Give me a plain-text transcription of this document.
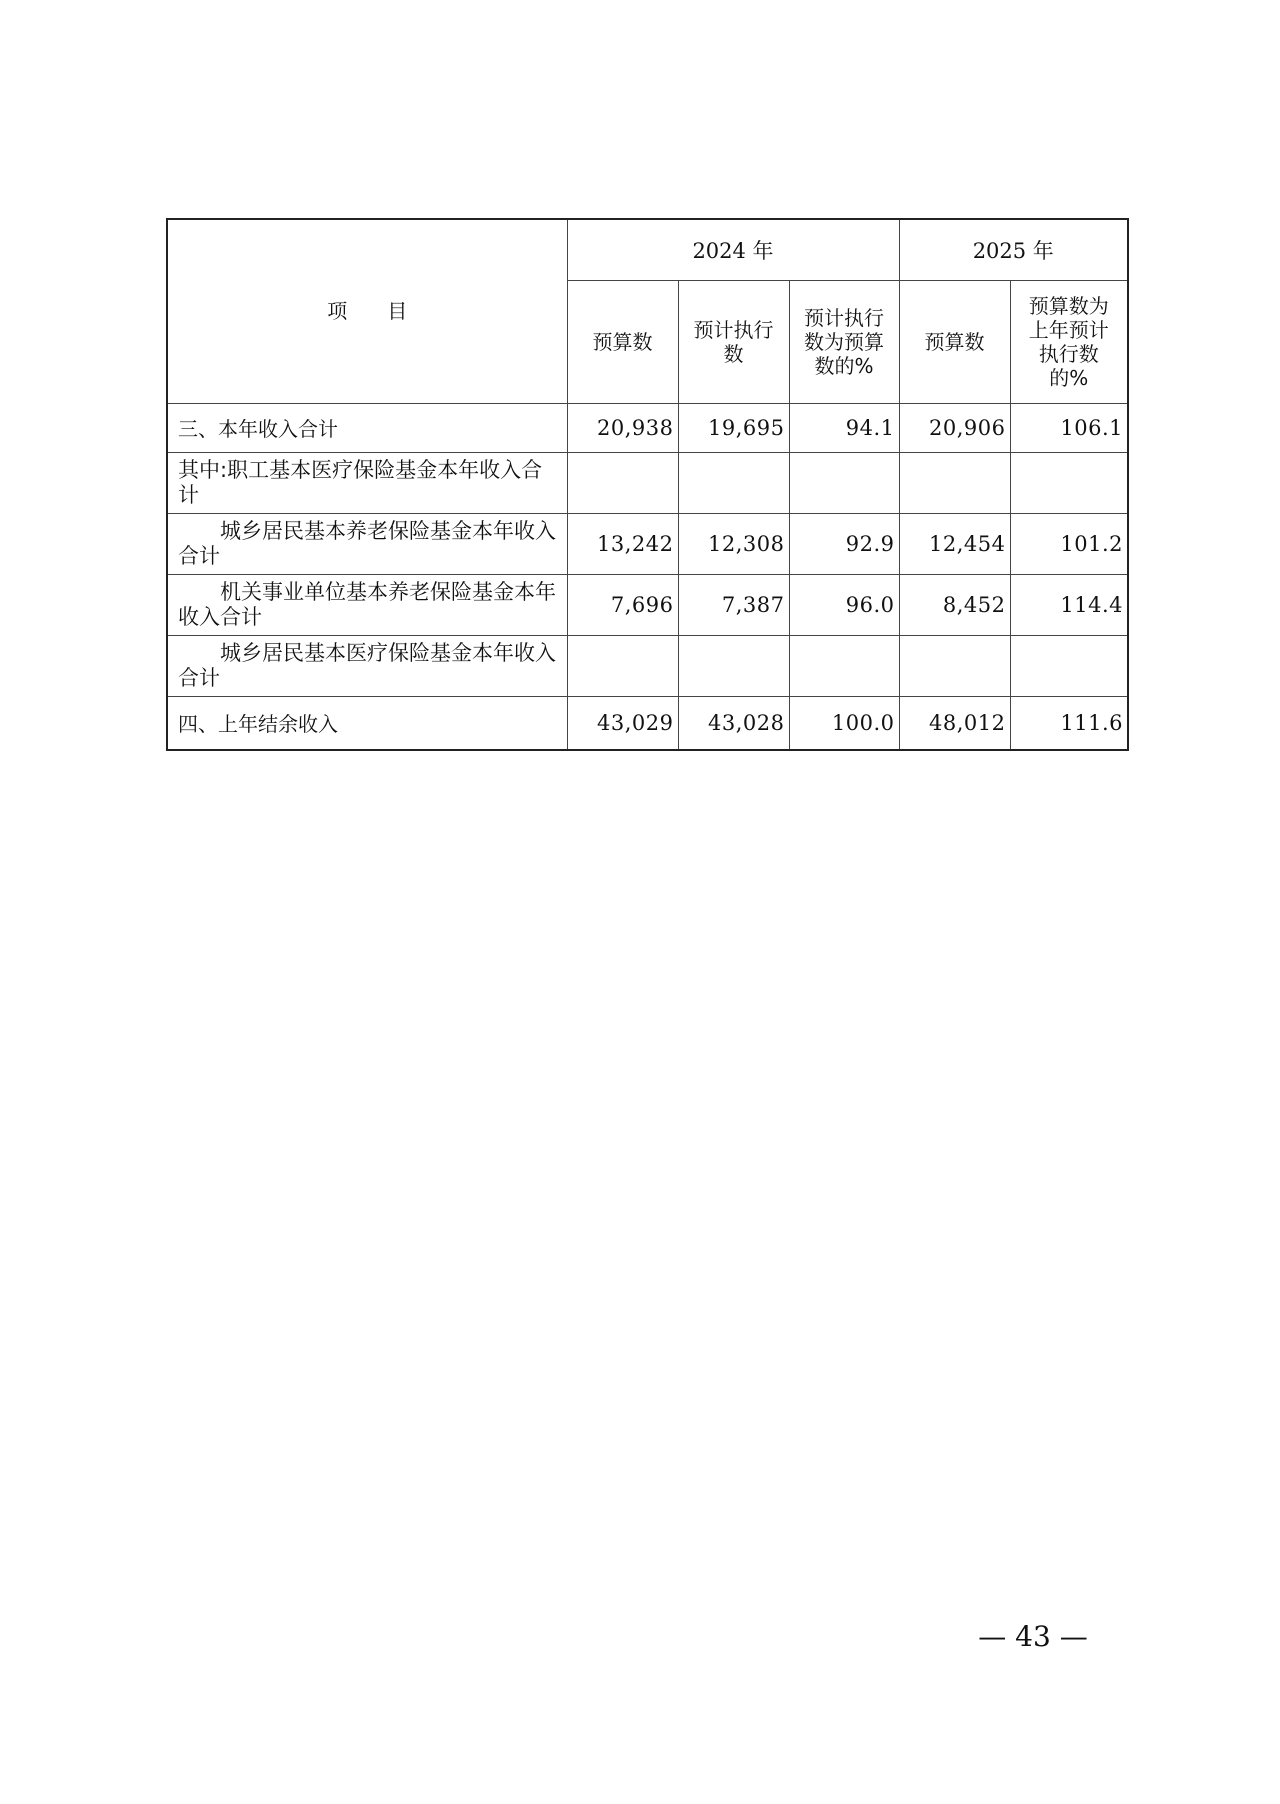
项　　目	2024 年			2025 年	
	预算数	预计执行数	预计执行数为预算数的%	预算数	预算数为上年预计执行数的%
三、本年收入合计	20,938	19,695	94.1	20,906	106.1
其中:职工基本医疗保险基金本年收入合计					
城乡居民基本养老保险基金本年收入合计	13,242	12,308	92.9	12,454	101.2
机关事业单位基本养老保险基金本年收入合计	7,696	7,387	96.0	8,452	114.4
城乡居民基本医疗保险基金本年收入合计					
四、上年结余收入	43,029	43,028	100.0	48,012	111.6
— 43 —
